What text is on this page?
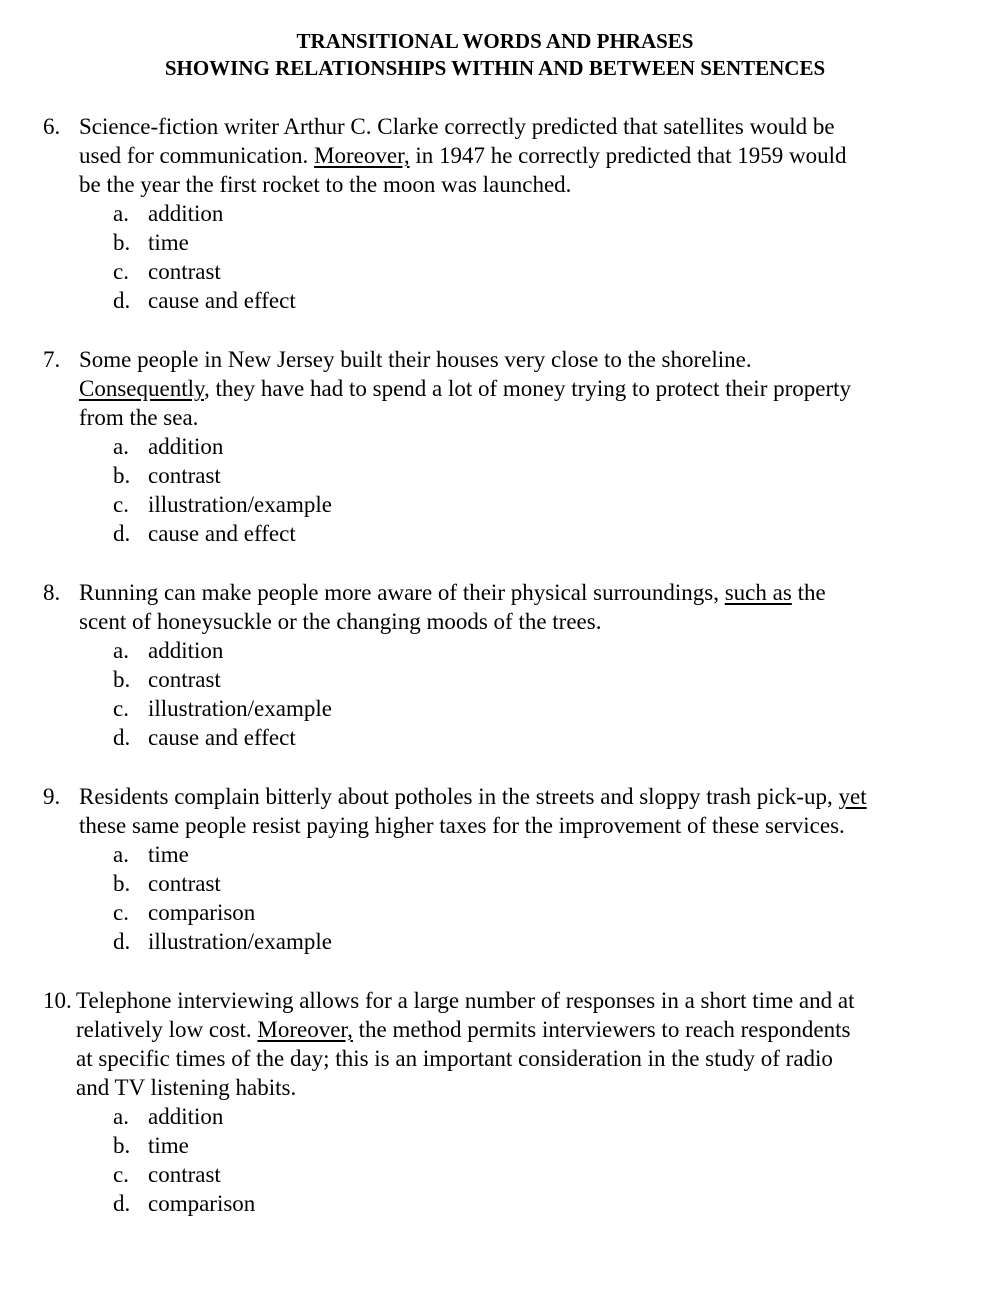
TRANSITIONAL WORDS AND PHRASES
SHOWING RELATIONSHIPS WITHIN AND BETWEEN SENTENCES
6. Science-fiction writer Arthur C. Clarke correctly predicted that satellites would be
used for communication. Moreover, in 1947 he correctly predicted that 1959 would
be the year the first rocket to the moon was launched.
a. addition
b. time
c. contrast
d. cause and effect
7. Some people in New Jersey built their houses very close to the shoreline.
Consequently, they have had to spend a lot of money trying to protect their property
from the sea.
a. addition
b. contrast
c. illustration/example
d. cause and effect
8. Running can make people more aware of their physical surroundings, such as the
scent of honeysuckle or the changing moods of the trees.
a. addition
b. contrast
c. illustration/example
d. cause and effect
9. Residents complain bitterly about potholes in the streets and sloppy trash pick-up, yet
these same people resist paying higher taxes for the improvement of these services.
a. time
b. contrast
c. comparison
d. illustration/example
10. Telephone interviewing allows for a large number of responses in a short time and at
relatively low cost. Moreover, the method permits interviewers to reach respondents
at specific times of the day; this is an important consideration in the study of radio
and TV listening habits.
a. addition
b. time
c. contrast
d. comparison
